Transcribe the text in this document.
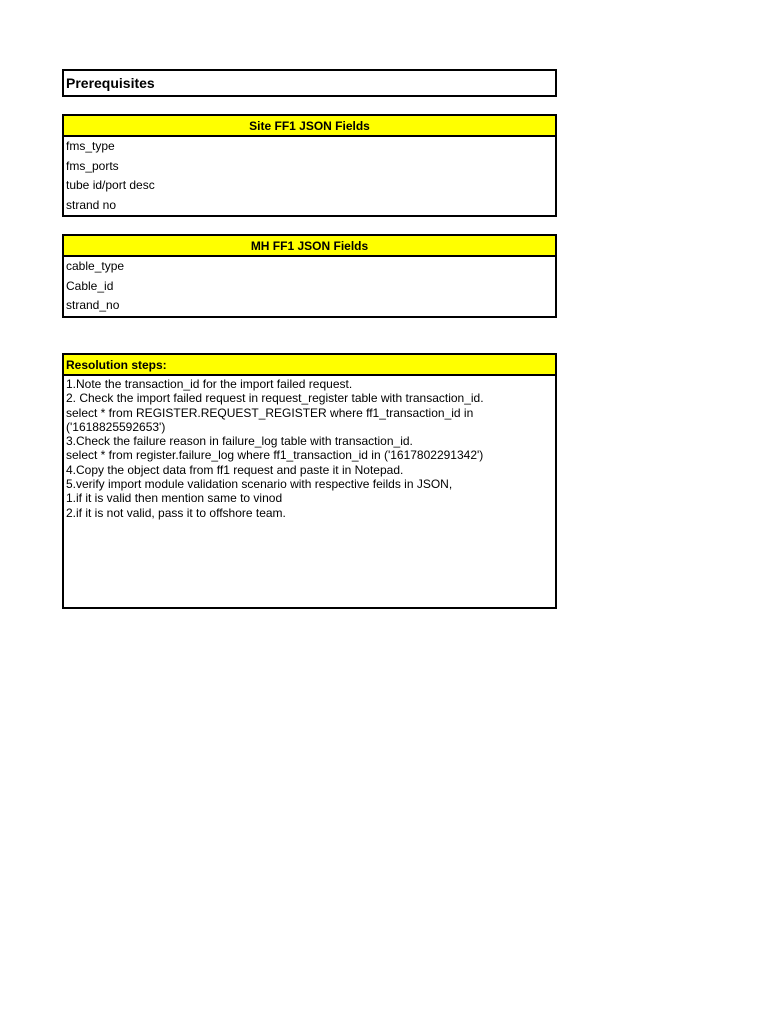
Prerequisites
Site FF1 JSON Fields
fms_type
fms_ports
tube id/port desc
strand no
MH FF1 JSON Fields
cable_type
Cable_id
strand_no
Resolution steps:
1.Note the transaction_id for the import failed request.
2. Check the import failed request in request_register table with transaction_id.
select * from REGISTER.REQUEST_REGISTER where ff1_transaction_id in
('1618825592653')
3.Check the failure reason in failure_log table with transaction_id.
select * from register.failure_log where ff1_transaction_id in ('1617802291342')
4.Copy the object data from ff1 request and paste it in Notepad.
5.verify import module validation scenario with respective feilds in JSON,
1.if it is valid then mention same to vinod
2.if it is not valid, pass it to offshore team.
